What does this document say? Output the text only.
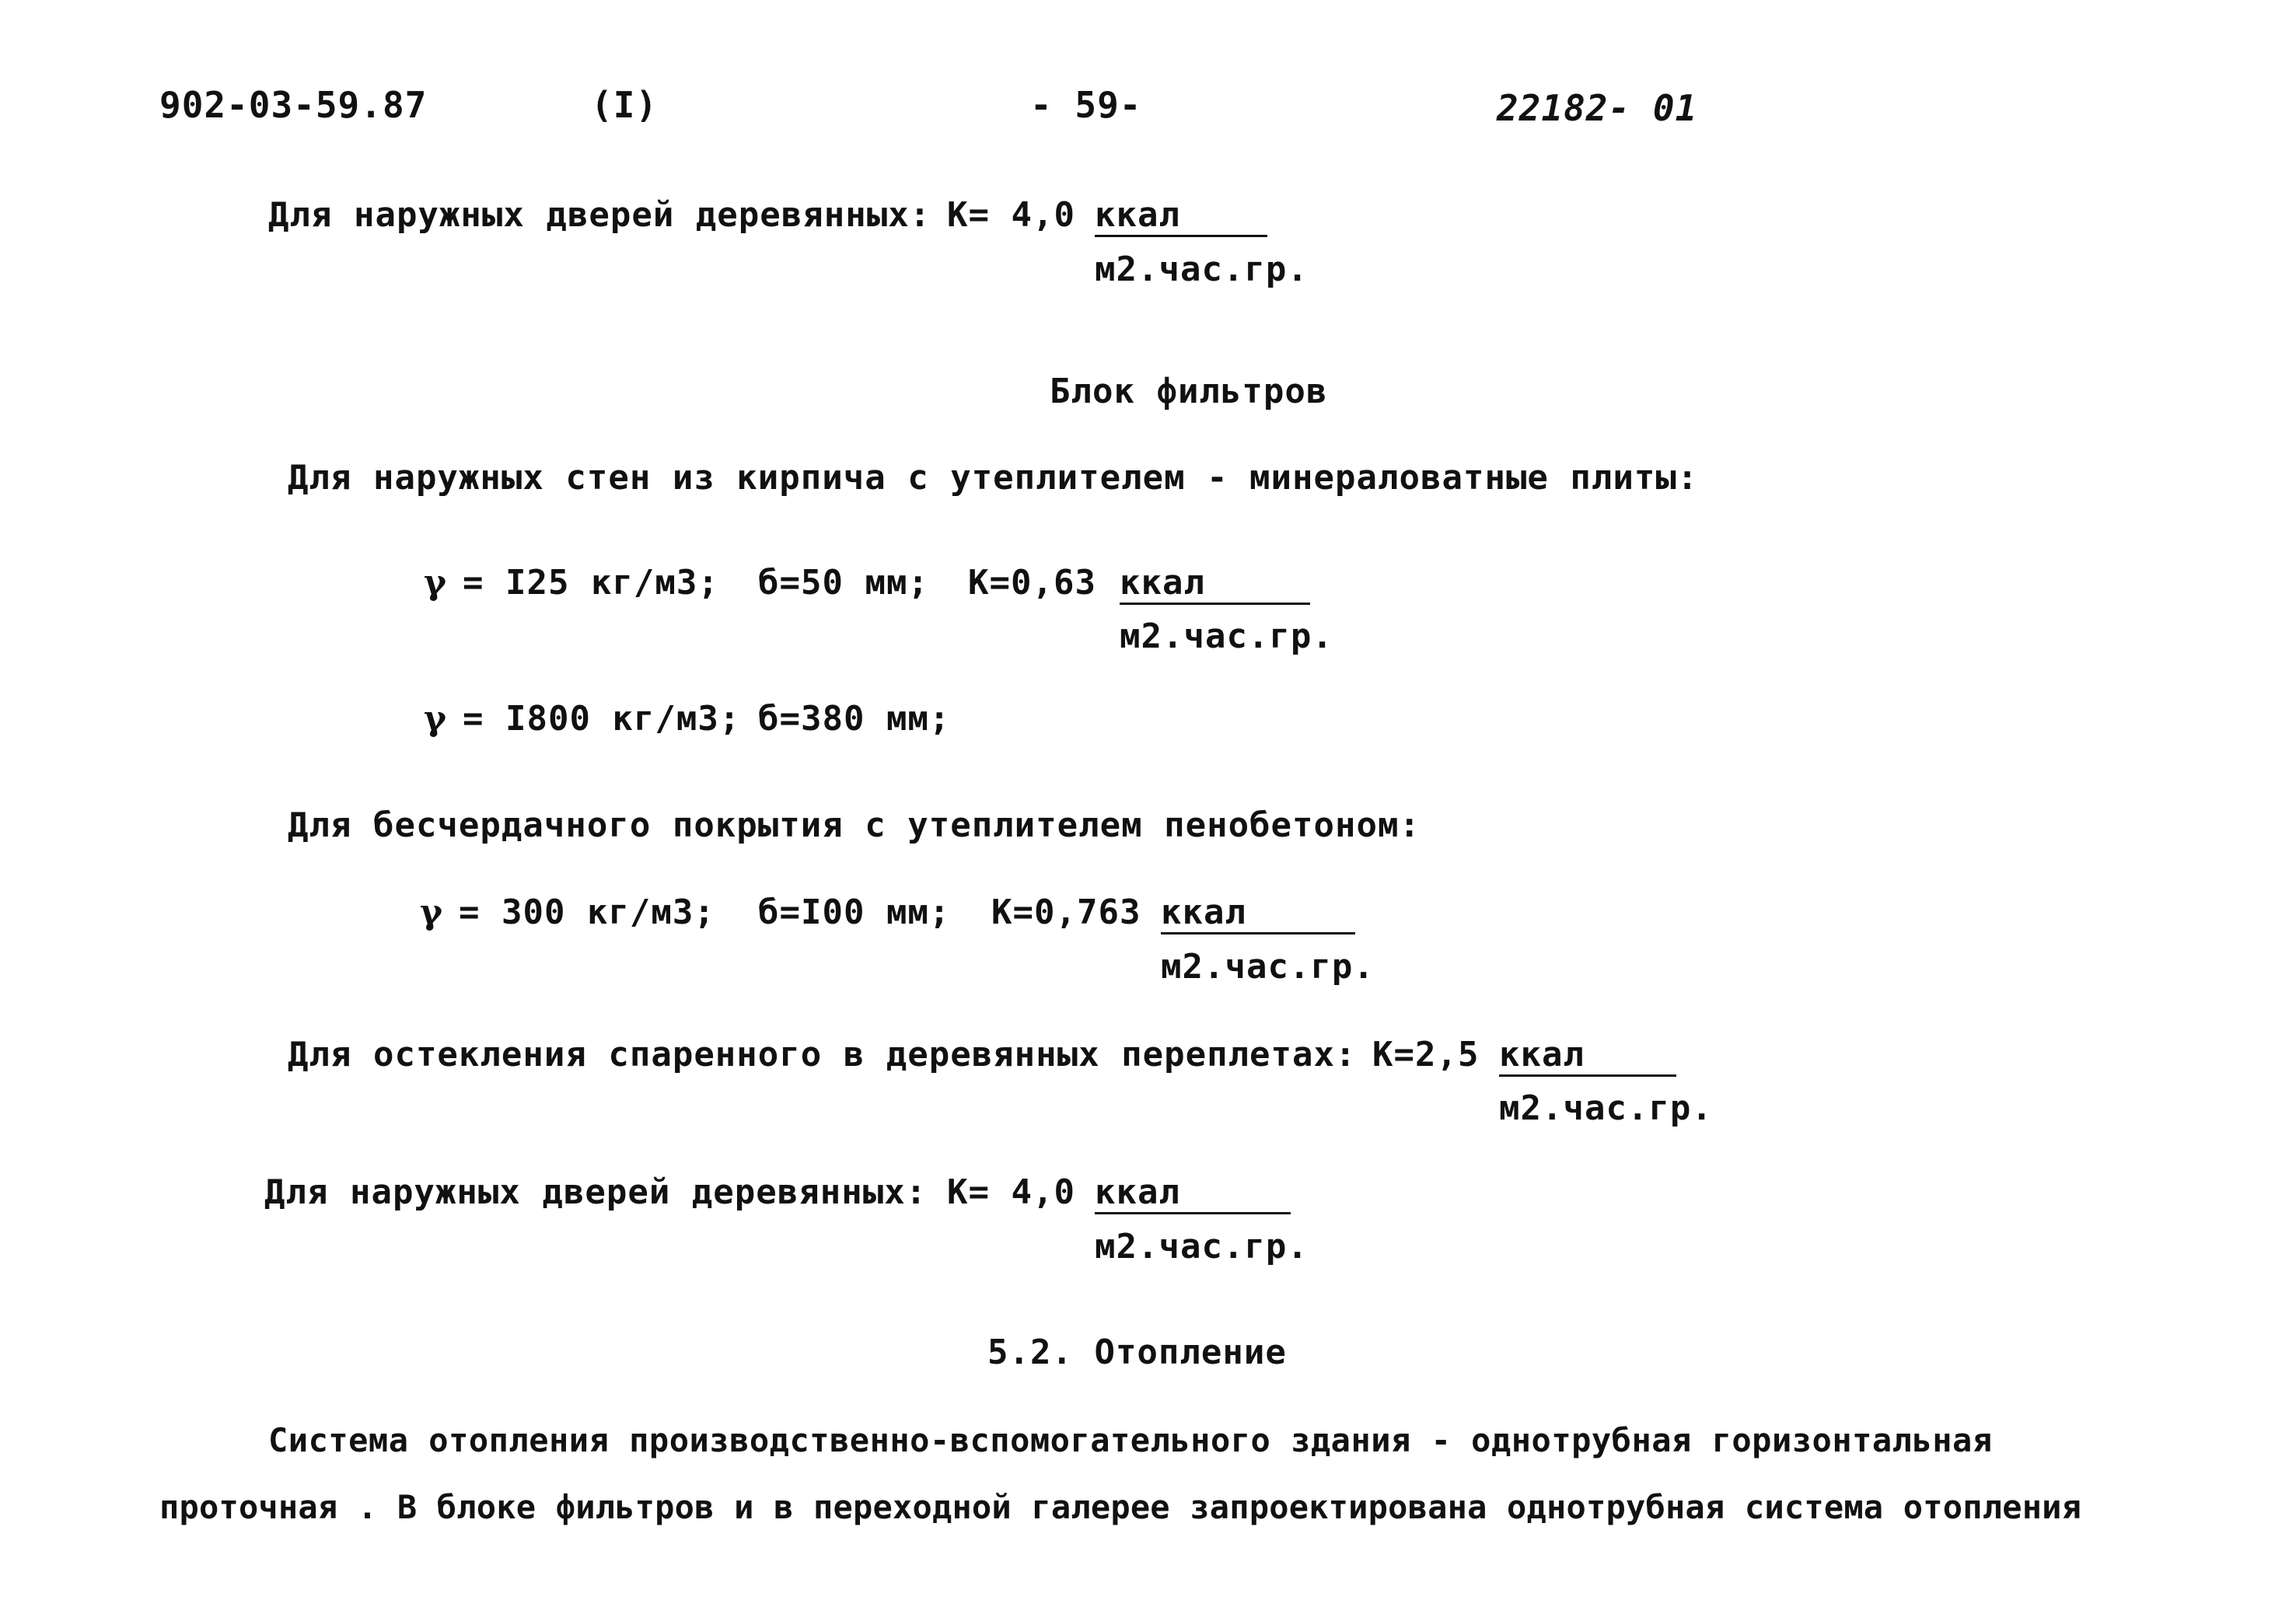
902-03-59.87	(I)	- 59-	22182- 01
Для наружных дверей деревянных: К= 4,0 ккал
м2.час.гр.
Блок фильтров
Для наружных стен из кирпича с утеплителем - минераловатные плиты:
γ = I25 кг/м3; б=50 мм; К=0,63 ккал
м2.час.гр.
γ = I800 кг/м3; б=380 мм;
Для бесчердачного покрытия с утеплителем пенобетоном:
γ = 300 кг/м3; б=I00 мм; К=0,763 ккал
м2.час.гр.
Для остекления спаренного в деревянных переплетах: К=2,5 ккал
м2.час.гр.
Для наружных дверей деревянных: К= 4,0 ккал
м2.час.гр.
5.2. Отопление
Система отопления производственно-вспомогательного здания - однотрубная горизонтальная
проточная . В блоке фильтров и в переходной галерее запроектирована однотрубная система отопления
